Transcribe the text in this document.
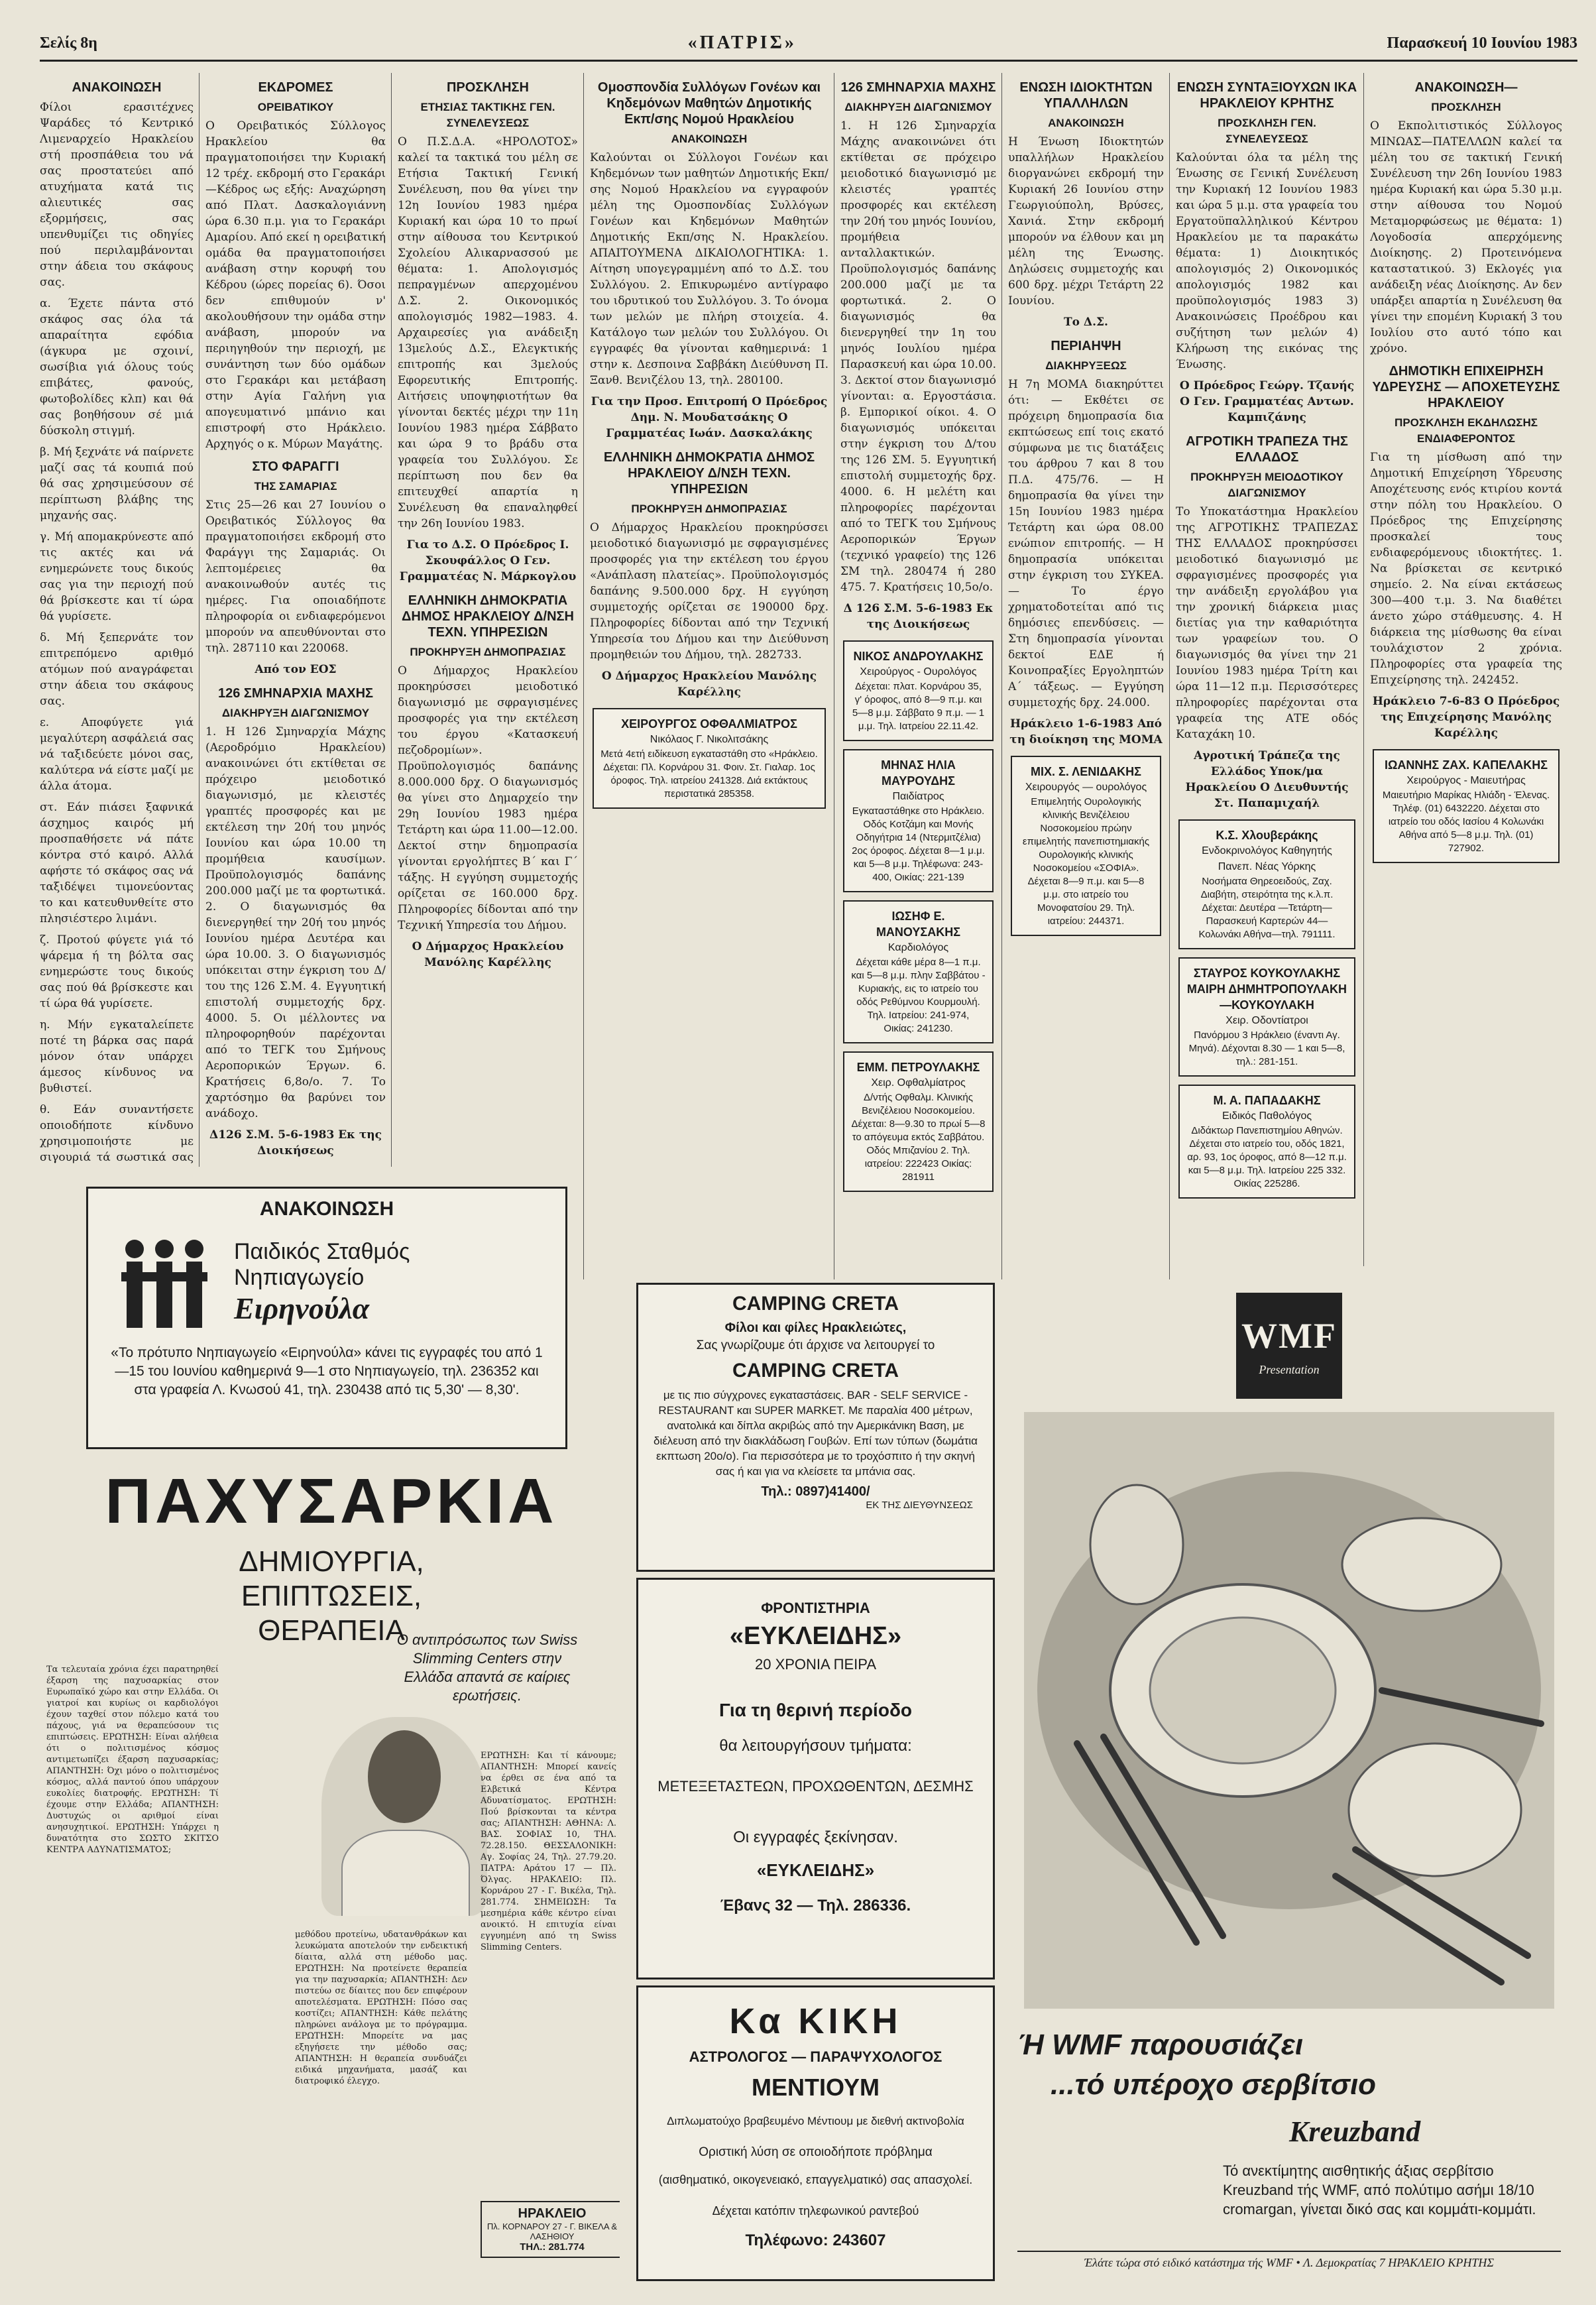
Σελίς 8η	«ΠΑΤΡΙΣ»	Παρασκευή 10 Ιουνίου 1983
ΑΝΑΚΟΙΝΩΣΗ

Φίλοι ερασιτέχνες Ψαράδες τό Κεντρικό Λιμεναρχείο Ηρακλείου στή προσπάθεια του νά σας προστατεύει από ατυχήματα κατά τις αλιευτικές σας εξορμήσεις, σας υπενθυμίζει τις οδηγίες πού περιλαμβάνονται στην άδεια του σκάφους σας.

α. Έχετε πάντα στό σκάφος σας όλα τά απαραίτητα εφόδια (άγκυρα με σχοινί, σωσίβια γιά όλους τούς επιβάτες, φανούς, φωτοβολίδες κλπ) και θά σας βοηθήσουν σέ μιά δύσκολη στιγμή.

β. Μή ξεχνάτε νά παίρνετε μαζί σας τά κουπιά πού θά σας χρησιμεύσουν σέ περίπτωση βλάβης της μηχανής σας.

γ. Μή απομακρύνεστε από τις ακτές και νά ενημερώνετε τους δικούς σας για την περιοχή πού θά βρίσκεστε και τί ώρα θά γυρίσετε.

δ. Μή ξεπερνάτε τον επιτρεπόμενο αριθμό ατόμων πού αναγράφεται στην άδεια του σκάφους σας.

ε. Αποφύγετε γιά μεγαλύτερη ασφάλειά σας νά ταξιδεύετε μόνοι σας, καλύτερα νά είστε μαζί με άλλα άτομα.

στ. Εάν πιάσει ξαφνικά άσχημος καιρός μή προσπαθήσετε νά πάτε κόντρα στό καιρό. Αλλά αφήστε τό σκάφος σας νά ταξιδέψει τιμονεύοντας το και κατευθυνθείτε στο πλησιέστερο λιμάνι.

ζ. Προτού φύγετε γιά τό ψάρεμα ή τη βόλτα σας ενημερώστε τους δικούς σας πού θά βρίσκεστε και τί ώρα θά γυρίσετε.

η. Μήν εγκαταλείπετε ποτέ τη βάρκα σας παρά μόνον όταν υπάρχει άμεσος κίνδυνος να βυθιστεί.

θ. Εάν συναντήσετε οποιοδήποτε κίνδυνο χρησιμοποιήστε με σιγουριά τά σωστικά σας

ΕΚΔΡΟΜΕΣ
ΟΡΕΙΒΑΤΙΚΟΥ

Ο Ορειβατικός Σύλλογος Ηρακλείου θα πραγματοποιήσει την Κυριακή 12 τρέχ. εκδρομή στο Γερακάρι—Κέδρος ως εξής: Αναχώρηση από Πλατ. Δασκαλογιάννη ώρα 6.30 π.μ. για το Γερακάρι Αμαρίου. Από εκεί η ορειβατική ομάδα θα πραγματοποιήσει ανάβαση στην κορυφή του Κέδρου (ώρες πορείας 6). Όσοι δεν επιθυμούν ν' ακολουθήσουν την ομάδα στην ανάβαση, μπορούν να περιηγηθούν την περιοχή, με συνάντηση των δύο ομάδων στο Γερακάρι και μετάβαση στην Αγία Γαλήνη για απογευματινό μπάνιο και επιστροφή στο Ηράκλειο. Αρχηγός ο κ. Μύρων Μαγάτης.

ΣΤΟ ΦΑΡΑΓΓΙ
ΤΗΣ ΣΑΜΑΡΙΑΣ

Στις 25—26 και 27 Ιουνίου ο Ορειβατικός Σύλλογος θα πραγματοποιήσει εκδρομή στο Φαράγγι της Σαμαριάς. Οι λεπτομέρειες θα ανακοινωθούν αυτές τις ημέρες. Για οποιαδήποτε πληροφορία οι ενδιαφερόμενοι μπορούν να απευθύνονται στο τηλ. 287110 και 220068.

Από τον ΕΟΣ
126 ΣΜΗΝΑΡΧΙΑ ΜΑΧΗΣ
ΔΙΑΚΗΡΥΞΗ ΔΙΑΓΩΝΙΣΜΟΥ

1. Η 126 Σμηναρχία Μάχης (Αεροδρόμιο Ηρακλείου) ανακοινώνει ότι εκτίθεται σε πρόχειρο μειοδοτικό διαγωνισμό, με κλειστές γραπτές προσφορές και με εκτέλεση την 20ή του μηνός Ιουνίου και ώρα 10.00 τη προμήθεια καυσίμων. Προϋπολογισμός δαπάνης 200.000 μαζί με τα φορτωτικά. 2. Ο διαγωνισμός θα διενεργηθεί την 20ή του μηνός Ιουνίου ημέρα Δευτέρα και ώρα 10.00. 3. Ο διαγωνισμός υπόκειται στην έγκριση του Δ/του της 126 Σ.Μ. 4. Εγγυητική επιστολή συμμετοχής δρχ. 4000. 5. Οι μέλλοντες να πληροφορηθούν παρέχονται από το ΤΕΓΚ του Σμήνους Αεροπορικών Έργων. 6. Κρατήσεις 6,8ο/ο. 7. Το χαρτόσημο θα βαρύνει τον ανάδοχο.

Δ126 Σ.Μ. 5-6-1983 Εκ της Διοικήσεως
ΠΡΟΣΚΛΗΣΗ
ΕΤΗΣΙΑΣ ΤΑΚΤΙΚΗΣ ΓΕΝ. ΣΥΝΕΛΕΥΣΕΩΣ

Ο Π.Σ.Δ.Α. «ΗΡΟΛΟΤΟΣ» καλεί τα τακτικά του μέλη σε Ετήσια Τακτική Γενική Συνέλευση, που θα γίνει την 12η Ιουνίου 1983 ημέρα Κυριακή και ώρα 10 το πρωί στην αίθουσα του Κεντρικού Σχολείου Αλικαρνασσού με θέματα: 1. Απολογισμός πεπραγμένων απερχομένου Δ.Σ. 2. Οικονομικός απολογισμός 1982—1983. 4. Αρχαιρεσίες για ανάδειξη 13μελούς Δ.Σ., Ελεγκτικής επιτροπής και 3μελούς Εφορευτικής Επιτροπής. Αιτήσεις υποψηφιοτήτων θα γίνονται δεκτές μέχρι την 11η Ιουνίου 1983 ημέρα Σάββατο και ώρα 9 το βράδυ στα γραφεία του Συλλόγου. Σε περίπτωση που δεν θα επιτευχθεί απαρτία η Συνέλευση θα επαναληφθεί την 26η Ιουνίου 1983.

Για το Δ.Σ. Ο Πρόεδρος Ι. Σκουφάλλος Ο Γεν. Γραμματέας Ν. Μάρκογλου
ΕΛΛΗΝΙΚΗ ΔΗΜΟΚΡΑΤΙΑ ΔΗΜΟΣ ΗΡΑΚΛΕΙΟΥ Δ/ΝΣΗ ΤΕΧΝ. ΥΠΗΡΕΣΙΩΝ
ΠΡΟΚΗΡΥΞΗ ΔΗΜΟΠΡΑΣΙΑΣ

Ο Δήμαρχος Ηρακλείου προκηρύσσει μειοδοτικό διαγωνισμό με σφραγισμένες προσφορές για την εκτέλεση του έργου «Κατασκευή πεζοδρομίων». Προϋπολογισμός δαπάνης 8.000.000 δρχ. Ο διαγωνισμός θα γίνει στο Δημαρχείο την 29η Ιουνίου 1983 ημέρα Τετάρτη και ώρα 11.00—12.00. Δεκτοί στην δημοπρασία γίνονται εργολήπτες Β΄ και Γ΄ τάξης. Η εγγύηση συμμετοχής ορίζεται σε 160.000 δρχ. Πληροφορίες δίδονται από την Τεχνική Υπηρεσία του Δήμου.

Ο Δήμαρχος Ηρακλείου Μανόλης Καρέλλης
Ομοσπονδία Συλλόγων Γονέων και Κηδεμόνων Μαθητών Δημοτικής Εκπ/σης Νομού Ηρακλείου
ΑΝΑΚΟΙΝΩΣΗ

Καλούνται οι Σύλλογοι Γονέων και Κηδεμόνων των μαθητών Δημοτικής Εκπ/σης Νομού Ηρακλείου να εγγραφούν μέλη της Ομοσπονδίας Συλλόγων Γονέων και Κηδεμόνων Μαθητών Δημοτικής Εκπ/σης Ν. Ηρακλείου. ΑΠΑΙΤΟΥΜΕΝΑ ΔΙΚΑΙΟΛΟΓΗΤΙΚΑ: 1. Αίτηση υπογεγραμμένη από το Δ.Σ. του Συλλόγου. 2. Επικυρωμένο αντίγραφο του ιδρυτικού του Συλλόγου. 3. Το όνομα των μελών με πλήρη στοιχεία. 4. Κατάλογο των μελών του Συλλόγου. Οι εγγραφές θα γίνονται καθημερινά: 1 στην κ. Δεσποινα Σαββάκη Διεύθυνση Π. Ξανθ. Βενιζέλου 13, τηλ. 280100.

Για την Προσ. Επιτροπή Ο Πρόεδρος Δημ. Ν. Μουδατσάκης Ο Γραμματέας Ιωάν. Δασκαλάκης
ΕΛΛΗΝΙΚΗ ΔΗΜΟΚΡΑΤΙΑ ΔΗΜΟΣ ΗΡΑΚΛΕΙΟΥ Δ/ΝΣΗ ΤΕΧΝ. ΥΠΗΡΕΣΙΩΝ
ΠΡΟΚΗΡΥΞΗ ΔΗΜΟΠΡΑΣΙΑΣ

Ο Δήμαρχος Ηρακλείου προκηρύσσει μειοδοτικό διαγωνισμό με σφραγισμένες προσφορές για την εκτέλεση του έργου «Ανάπλαση πλατείας». Προϋπολογισμός δαπάνης 9.500.000 δρχ. Η εγγύηση συμμετοχής ορίζεται σε 190000 δρχ. Πληροφορίες δίδονται από την Τεχνική Υπηρεσία του Δήμου και την Διεύθυνση προμηθειών του Δήμου, τηλ. 282733.

Ο Δήμαρχος Ηρακλείου Μανόλης Καρέλλης
ΧΕΙΡΟΥΡΓΟΣ ΟΦΘΑΛΜΙΑΤΡΟΣ
Νικόλαος Γ. Νικολιτσάκης
Μετά 4ετή ειδίκευση εγκαταστάθη στο «Ηράκλειο. Δέχεται: Πλ. Κορνάρου 31. Φοιν. Στ. Γιαλαρ. 1ος όροφος. Τηλ. ιατρείου 241328. Διά εκτάκτους περιστατικά 285358.
126 ΣΜΗΝΑΡΧΙΑ ΜΑΧΗΣ
ΔΙΑΚΗΡΥΞΗ ΔΙΑΓΩΝΙΣΜΟΥ

1. Η 126 Σμηναρχία Μάχης ανακοινώνει ότι εκτίθεται σε πρόχειρο μειοδοτικό διαγωνισμό με κλειστές γραπτές προσφορές και εκτέλεση την 20ή του μηνός Ιουνίου, προμήθεια ανταλλακτικών. Προϋπολογισμός δαπάνης 200.000 μαζί με τα φορτωτικά. 2. Ο διαγωνισμός θα διενεργηθεί την 1η του μηνός Ιουλίου ημέρα Παρασκευή και ώρα 10.00. 3. Δεκτοί στον διαγωνισμό γίνονται: α. Εργοστάσια. β. Εμπορικοί οίκοι. 4. Ο διαγωνισμός υπόκειται στην έγκριση του Δ/του της 126 ΣΜ. 5. Εγγυητική επιστολή συμμετοχής δρχ. 4000. 6. Η μελέτη και πληροφορίες παρέχονται από το ΤΕΓΚ του Σμήνους Αεροπορικών Έργων (τεχνικό γραφείο) της 126 ΣΜ τηλ. 280474 ή 280 475. 7. Κρατήσεις 10,5ο/ο.

Δ 126 Σ.Μ. 5-6-1983 Εκ της Διοικήσεως
ΝΙΚΟΣ ΑΝΔΡΟΥΛΑΚΗΣ
Χειρούργος - Ουρολόγος
Δέχεται: πλατ. Κορνάρου 35, γ' όροφος, από 8—9 π.μ. και 5—8 μ.μ. Σάββατο 9 π.μ. — 1 μ.μ. Τηλ. Ιατρείου 22.11.42.
ΜΗΝΑΣ ΗΛΙΑ ΜΑΥΡΟΥΔΗΣ
Παιδίατρος
Εγκαταστάθηκε στο Ηράκλειο. Οδός Κοτζάμη και Μονής Οδηγήτρια 14 (Ντερμιτζέλια) 2ος όροφος. Δέχεται 8—1 μ.μ. και 5—8 μ.μ. Τηλέφωνα: 243-400, Οικίας: 221-139
ΙΩΣΗΦ Ε. ΜΑΝΟΥΣΑΚΗΣ
Καρδιολόγος
Δέχεται κάθε μέρα 8—1 π.μ. και 5—8 μ.μ. πλην Σαββάτου - Κυριακής, εις το ιατρείο του οδός Ρεθύμνου Κουρμουλή. Τηλ. Ιατρείου: 241-974, Οικίας: 241230.
ΕΜΜ. ΠΕΤΡΟΥΛΑΚΗΣ
Χειρ. Οφθαλμίατρος
Δ/ντής Οφθαλμ. Κλινικής Βενιζέλειου Νοσοκομείου. Δέχεται: 8—9.30 το πρωί 5—8 το απόγευμα εκτός Σαββάτου. Οδός Μπιζανίου 2. Τηλ. ιατρείου: 222423 Οικίας: 281911
ΕΝΩΣΗ ΙΔΙΟΚΤΗΤΩΝ ΥΠΑΛΛΗΛΩΝ
ΑΝΑΚΟΙΝΩΣΗ

Η Ένωση Ιδιοκτητών υπαλλήλων Ηρακλείου διοργανώνει εκδρομή την Κυριακή 26 Ιουνίου στην Γεωργιούπολη, Βρύσες, Χανιά. Στην εκδρομή μπορούν να έλθουν και μη μέλη της Ένωσης. Δηλώσεις συμμετοχής και 600 δρχ. μέχρι Τετάρτη 22 Ιουνίου.

Το Δ.Σ.
ΠΕΡΙΑΗΨΗ
ΔΙΑΚΗΡΥΞΕΩΣ

Η 7η ΜΟΜΑ διακηρύττει ότι: — Εκθέτει σε πρόχειρη δημοπρασία δια εκπτώσεως επί τοις εκατό σύμφωνα με τις διατάξεις του άρθρου 7 και 8 του Π.Δ. 475/76. — Η δημοπρασία θα γίνει την 15η Ιουνίου 1983 ημέρα Τετάρτη και ώρα 08.00 ενώπιον επιτροπής. — Η δημοπρασία υπόκειται στην έγκριση του ΣΥΚΕΑ. — Το έργο χρηματοδοτείται από τις δημόσιες επενδύσεις. — Στη δημοπρασία γίνονται δεκτοί ΕΔΕ ή Κοινοπραξίες Εργοληπτών Α΄ τάξεως. — Εγγύηση συμμετοχής δρχ. 24.000.

Ηράκλειο 1-6-1983 Από τη διοίκηση της ΜΟΜΑ
ΜΙΧ. Σ. ΛΕΝΙΔΑΚΗΣ
Χειρουργός — ουρολόγος
Επιμελητής Ουρολογικής κλινικής Βενιζέλειου Νοσοκομείου πρώην επιμελητής πανεπιστημιακής Ουρολογικής κλινικής Νοσοκομείου «ΣΟΦΙΑ». Δέχεται 8—9 π.μ. και 5—8 μ.μ. στο ιατρείο του Μονοφατσίου 29. Τηλ. ιατρείου: 244371.
ΕΝΩΣΗ ΣΥΝΤΑΞΙΟΥΧΩΝ ΙΚΑ ΗΡΑΚΛΕΙΟΥ ΚΡΗΤΗΣ
ΠΡΟΣΚΛΗΣΗ ΓΕΝ. ΣΥΝΕΛΕΥΣΕΩΣ

Καλούνται όλα τα μέλη της Ένωσης σε Γενική Συνέλευση την Κυριακή 12 Ιουνίου 1983 και ώρα 5 μ.μ. στα γραφεία του Εργατοϋπαλληλικού Κέντρου Ηρακλείου με τα παρακάτω θέματα: 1) Διοικητικός απολογισμός 2) Οικονομικός απολογισμός 1982 και προϋπολογισμός 1983 3) Ανακοινώσεις Προέδρου και συζήτηση των μελών 4) Κλήρωση της εικόνας της Ένωσης.

Ο Πρόεδρος Γεώργ. Τζανής Ο Γεν. Γραμματέας Αντων. Καμπιζάνης
ΑΓΡΟΤΙΚΗ ΤΡΑΠΕΖΑ ΤΗΣ ΕΛΛΑΔΟΣ
ΠΡΟΚΗΡΥΞΗ ΜΕΙΟΔΟΤΙΚΟΥ ΔΙΑΓΩΝΙΣΜΟΥ

Το Υποκατάστημα Ηρακλείου της ΑΓΡΟΤΙΚΗΣ ΤΡΑΠΕΖΑΣ ΤΗΣ ΕΛΛΑΔΟΣ προκηρύσσει μειοδοτικό διαγωνισμό με σφραγισμένες προσφορές για την ανάδειξη εργολάβου για την χρονική διάρκεια μιας διετίας για την καθαριότητα των γραφείων του. Ο διαγωνισμός θα γίνει την 21 Ιουνίου 1983 ημέρα Τρίτη και ώρα 11—12 π.μ. Περισσότερες πληροφορίες παρέχονται στα γραφεία της ΑΤΕ οδός Καταχάκη 10.

Αγροτική Τράπεζα της Ελλάδος Υποκ/μα Ηρακλείου Ο Διευθυντής Στ. Παπαμιχαήλ
Κ.Σ. Χλουβεράκης
Ενδοκρινολόγος Καθηγητής Πανεπ. Νέας Υόρκης
Νοσήματα Θηρεοειδούς, Ζαχ. Διαβήτη, στειρότητα της κ.λ.π. Δέχεται: Δευτέρα —Τετάρτη—Παρασκευή Καρτερών 44—Κολωνάκι Αθήνα—τηλ. 791111.
ΣΤΑΥΡΟΣ ΚΟΥΚΟΥΛΑΚΗΣ ΜΑΙΡΗ ΔΗΜΗΤΡΟΠΟΥΛΑΚΗ—ΚΟΥΚΟΥΛΑΚΗ
Χειρ. Οδοντίατροι
Πανόρμου 3 Ηράκλειο (έναντι Αγ. Μηνά). Δέχονται 8.30 — 1 και 5—8, τηλ.: 281-151.
Μ. Α. ΠΑΠΑΔΑΚΗΣ
Ειδικός Παθολόγος
Διδάκτωρ Πανεπιστημίου Αθηνών. Δέχεται στο ιατρείο του, οδός 1821, αρ. 93, 1ος όροφος, από 8—12 π.μ. και 5—8 μ.μ. Τηλ. Ιατρείου 225 332. Οικίας 225286.
ΑΝΑΚΟΙΝΩΣΗ—
ΠΡΟΣΚΛΗΣΗ

Ο Εκπολιτιστικός Σύλλογος ΜΙΝΩΑΣ—ΠΑΤΕΛΛΩΝ καλεί τα μέλη του σε τακτική Γενική Συνέλευση την 26η Ιουνίου 1983 ημέρα Κυριακή και ώρα 5.30 μ.μ. στην αίθουσα του Νομού Μεταμορφώσεως με θέματα: 1) Λογοδοσία απερχόμενης Διοίκησης. 2) Προτεινόμενα καταστατικού. 3) Εκλογές για ανάδειξη νέας Διοίκησης. Αν δεν υπάρξει απαρτία η Συνέλευση θα γίνει την επομένη Κυριακή 3 του Ιουλίου στο αυτό τόπο και χρόνο.

ΔΗΜΟΤΙΚΗ ΕΠΙΧΕΙΡΗΣΗ ΥΔΡΕΥΣΗΣ — ΑΠΟΧΕΤΕΥΣΗΣ ΗΡΑΚΛΕΙΟΥ
ΠΡΟΣΚΛΗΣΗ ΕΚΔΗΛΩΣΗΣ ΕΝΔΙΑΦΕΡΟΝΤΟΣ

Για τη μίσθωση από την Δημοτική Επιχείρηση Ύδρευσης Αποχέτευσης ενός κτιρίου κοντά στην πόλη του Ηρακλείου. Ο Πρόεδρος της Επιχείρησης προσκαλεί τους ενδιαφερόμενους ιδιοκτήτες. 1. Να βρίσκεται σε κεντρικό σημείο. 2. Να είναι εκτάσεως 300—400 τ.μ. 3. Να διαθέτει άνετο χώρο στάθμευσης. 4. Η διάρκεια της μίσθωσης θα είναι τουλάχιστον 2 χρόνια. Πληροφορίες στα γραφεία της Επιχείρησης τηλ. 242452.

Ηράκλειο 7-6-83 Ο Πρόεδρος της Επιχείρησης Μανόλης Καρέλλης
ΙΩΑΝΝΗΣ ΖΑΧ. ΚΑΠΕΛΑΚΗΣ
Χειρούργος - Μαιευτήρας
Μαιευτήριο Μαρίκας Ηλιάδη - Έλενας. Τηλέφ. (01) 6432220. Δέχεται στο ιατρείο του οδός Ιασίου 4 Κολωνάκι Αθήνα από 5—8 μ.μ. Τηλ. (01) 727902.
ΑΝΑΚΟΙΝΩΣΗ
Παιδικός Σταθμός
Νηπιαγωγείο
Ειρηνούλα
«Το πρότυπο Νηπιαγωγείο «Ειρηνούλα» κάνει τις εγγραφές του από 1—15 του Ιουνίου καθημερινά 9—1 στο Νηπιαγωγείο, τηλ. 236352 και στα γραφεία Λ. Κνωσού 41, τηλ. 230438 από τις 5,30' — 8,30'.
ΠΑΧΥΣΑΡΚΙΑ
ΔΗΜΙΟΥΡΓΙΑ, ΕΠΙΠΤΩΣΕΙΣ, ΘΕΡΑΠΕΙΑ
Ο αντιπρόσωπος των Swiss Slimming Centers στην Ελλάδα απαντά σε καίριες ερωτήσεις.
Τα τελευταία χρόνια έχει παρατηρηθεί έξαρση της παχυσαρκίας στον Ευρωπαϊκό χώρο και στην Ελλάδα. Οι γιατροί και κυρίως οι καρδιολόγοι έχουν ταχθεί στον πόλεμο κατά του πάχους, γιά να θεραπεύσουν τις επιπτώσεις. ΕΡΩΤΗΣΗ: Είναι αλήθεια ότι ο πολιτισμένος κόσμος αντιμετωπίζει έξαρση παχυσαρκίας; ΑΠΑΝΤΗΣΗ: Όχι μόνο ο πολιτισμένος κόσμος, αλλά παντού όπου υπάρχουν ευκολίες διατροφής. ΕΡΩΤΗΣΗ: Τί έχουμε στην Ελλάδα; ΑΠΑΝΤΗΣΗ: Δυστυχώς οι αριθμοί είναι ανησυχητικοί. ΕΡΩΤΗΣΗ: Υπάρχει η δυνατότητα στο ΣΩΣΤΟ ΣΚΙΤΣΟ ΚΕΝΤΡΑ ΑΔΥΝΑΤΙΣΜΑΤΟΣ;
μεθόδου προτείνω, υδατανθράκων και λευκώματα αποτελούν την ενδεικτική δίαιτα, αλλά στη μέθοδο μας. ΕΡΩΤΗΣΗ: Να προτείνετε θεραπεία για την παχυσαρκία; ΑΠΑΝΤΗΣΗ: Δεν πιστεύω σε δίαιτες που δεν επιφέρουν αποτελέσματα. ΕΡΩΤΗΣΗ: Πόσο σας κοστίζει; ΑΠΑΝΤΗΣΗ: Κάθε πελάτης πληρώνει ανάλογα με το πρόγραμμα. ΕΡΩΤΗΣΗ: Μπορείτε να μας εξηγήσετε την μέθοδο σας; ΑΠΑΝΤΗΣΗ: Η θεραπεία συνδυάζει ειδικά μηχανήματα, μασάζ και διατροφικό έλεγχο.
ΕΡΩΤΗΣΗ: Και τί κάνουμε; ΑΠΑΝΤΗΣΗ: Μπορεί κανείς να έρθει σε ένα από τα Ελβετικά Κέντρα Αδυνατίσματος. ΕΡΩΤΗΣΗ: Πού βρίσκονται τα κέντρα σας; ΑΠΑΝΤΗΣΗ: ΑΘΗΝΑ: Λ. ΒΑΣ. ΣΟΦΙΑΣ 10, ΤΗΛ. 72.28.150. ΘΕΣΣΑΛΟΝΙΚΗ: Αγ. Σοφίας 24, Τηλ. 27.79.20. ΠΑΤΡΑ: Αράτου 17 — Πλ. Όλγας. ΗΡΑΚΛΕΙΟ: Πλ. Κορνάρου 27 - Γ. Βικέλα, Τηλ. 281.774. ΣΗΜΕΙΩΣΗ: Τα μεσημέρια κάθε κέντρο είναι ανοικτό. Η επιτυχία είναι εγγυημένη από τη Swiss Slimming Centers.
ΗΡΑΚΛΕΙΟ
Πλ. ΚΟΡΝΑΡΟΥ 27 - Γ. ΒΙΚΕΛΑ & ΛΑΣΗΘΙΟΥ
ΤΗΛ.: 281.774
CAMPING CRETA
Φίλοι και φίλες Ηρακλειώτες,
Σας γνωρίζουμε ότι άρχισε να λειτουργεί το
CAMPING CRETA
με τις πιο σύγχρονες εγκαταστάσεις. BAR - SELF SERVICE - RESTAURANT και SUPER MARKET. Με παραλία 400 μέτρων, ανατολικά και δίπλα ακριβώς από την Αμερικάνικη Βαση, με διέλευση από την διακλάδωση Γουβών. Επί των τύπων (δωμάτια εκπτωση 20ο/ο). Για περισσότερα με το τροχόσπιτο ή την σκηνή σας ή και για να κλείσετε τα μπάνια σας.
Τηλ.: 0897)41400/
ΕΚ ΤΗΣ ΔΙΕΥΘΥΝΣΕΩΣ
ΦΡΟΝΤΙΣΤΗΡΙΑ
«ΕΥΚΛΕΙΔΗΣ»
20 ΧΡΟΝΙΑ ΠΕΙΡΑ
Για τη θερινή περίοδο
θα λειτουργήσουν τμήματα:
ΜΕΤΕΞΕΤΑΣΤΕΩΝ, ΠΡΟΧΩΘΕΝΤΩΝ, ΔΕΣΜΗΣ
Οι εγγραφές ξεκίνησαν.
«ΕΥΚΛΕΙΔΗΣ»
Έβανς 32 — Τηλ. 286336.
Κα ΚΙΚΗ
ΑΣΤΡΟΛΟΓΟΣ — ΠΑΡΑΨΥΧΟΛΟΓΟΣ
ΜΕΝΤΙΟΥΜ
Διπλωματούχο βραβευμένο Μέντιουμ με διεθνή ακτινοβολία
Οριστική λύση σε οποιοδήποτε πρόβλημα
(αισθηματικό, οικογενειακό, επαγγελματικό) σας απασχολεί.
Δέχεται κατόπιν τηλεφωνικού ραντεβού
Τηλέφωνο: 243607
WMF
Presentation
Ή WMF παρουσιάζει
...τό υπέροχο σερβίτσιο
Kreuzband
Τό ανεκτίμητης αισθητικής άξιας σερβίτσιο Kreuzband τής WMF, από πολύτιμο ασήμι 18/10 cromargan, γίνεται δικό σας και κομμάτι-κομμάτι.
Έλάτε τώρα στό ειδικό κατάστημα τής WMF • Λ. Δεμοκρατίας 7 ΗΡΑΚΛΕΙΟ ΚΡΗΤΗΣ
